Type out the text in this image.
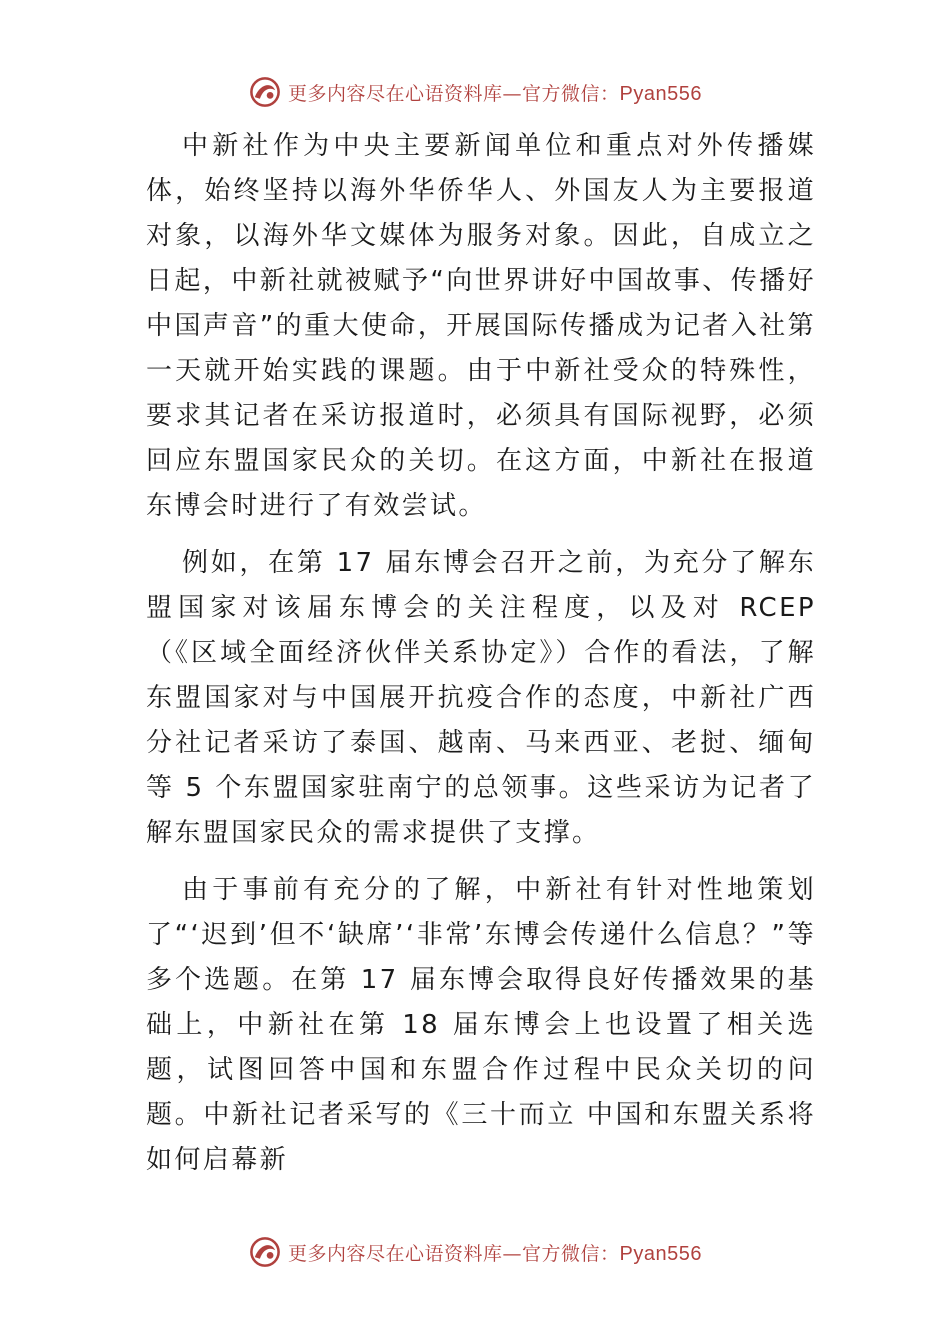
更多内容尽在心语资料库—官方微信：Pyan556

中新社作为中央主要新闻单位和重点对外传播媒体，始终坚持以海外华侨华人、外国友人为主要报道对象，以海外华文媒体为服务对象。因此，自成立之日起，中新社就被赋予“向世界讲好中国故事、传播好中国声音”的重大使命，开展国际传播成为记者入社第一天就开始实践的课题。由于中新社受众的特殊性，要求其记者在采访报道时，必须具有国际视野，必须回应东盟国家民众的关切。在这方面，中新社在报道东博会时进行了有效尝试。

例如，在第 17 届东博会召开之前，为充分了解东盟国家对该届东博会的关注程度，以及对 RCEP（《区域全面经济伙伴关系协定》）合作的看法，了解东盟国家对与中国展开抗疫合作的态度，中新社广西分社记者采访了泰国、越南、马来西亚、老挝、缅甸等 5 个东盟国家驻南宁的总领事。这些采访为记者了解东盟国家民众的需求提供了支撑。

由于事前有充分的了解，中新社有针对性地策划了“‘迟到’但不‘缺席’‘非常’东博会传递什么信息？”等多个选题。在第 17 届东博会取得良好传播效果的基础上，中新社在第 18 届东博会上也设置了相关选题，试图回答中国和东盟合作过程中民众关切的问题。中新社记者采写的《三十而立 中国和东盟关系将如何启幕新

更多内容尽在心语资料库—官方微信：Pyan556
